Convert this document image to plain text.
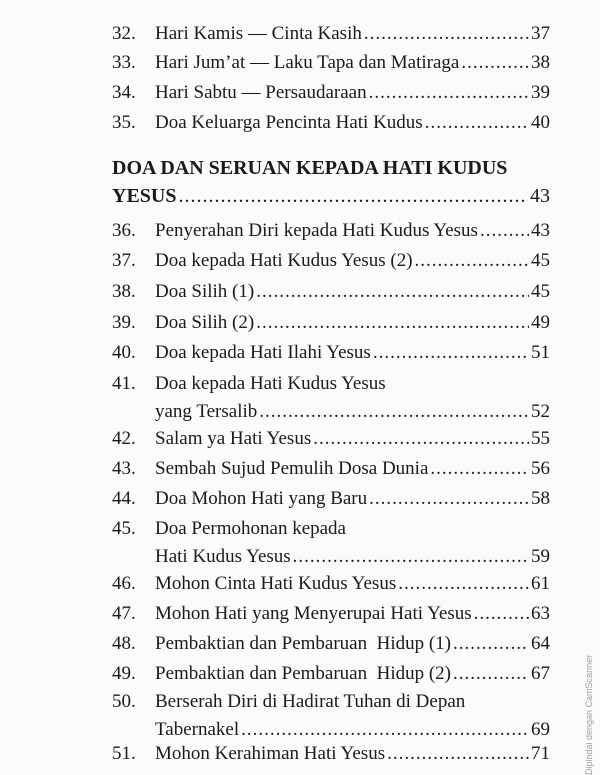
32. Hari Kamis — Cinta Kasih .....	37
33. Hari Jum’at — Laku Tapa dan Matiraga .....	38
34. Hari Sabtu — Persaudaraan .....	39
35. Doa Keluarga Pencinta Hati Kudus .....	40
DOA DAN SERUAN KEPADA HATI KUDUS
YESUS .....	43
36. Penyerahan Diri kepada Hati Kudus Yesus .....	43
37. Doa kepada Hati Kudus Yesus (2) .....	45
38. Doa Silih (1) .....	45
39. Doa Silih (2) .....	49
40. Doa kepada Hati Ilahi Yesus .....	51
41. Doa kepada Hati Kudus Yesus
yang Tersalib .....	52
42. Salam ya Hati Yesus .....	55
43. Sembah Sujud Pemulih Dosa Dunia .....	56
44. Doa Mohon Hati yang Baru .....	58
45. Doa Permohonan kepada
Hati Kudus Yesus .....	59
46. Mohon Cinta Hati Kudus Yesus .....	61
47. Mohon Hati yang Menyerupai Hati Yesus .....	63
48. Pembaktian dan Pembaruan  Hidup (1) .....	64
49. Pembaktian dan Pembaruan  Hidup (2) .....	67
50. Berserah Diri di Hadirat Tuhan di Depan
Tabernakel .....	69
51. Mohon Kerahiman Hati Yesus .....	71	Dipindai dengan CamScanner
